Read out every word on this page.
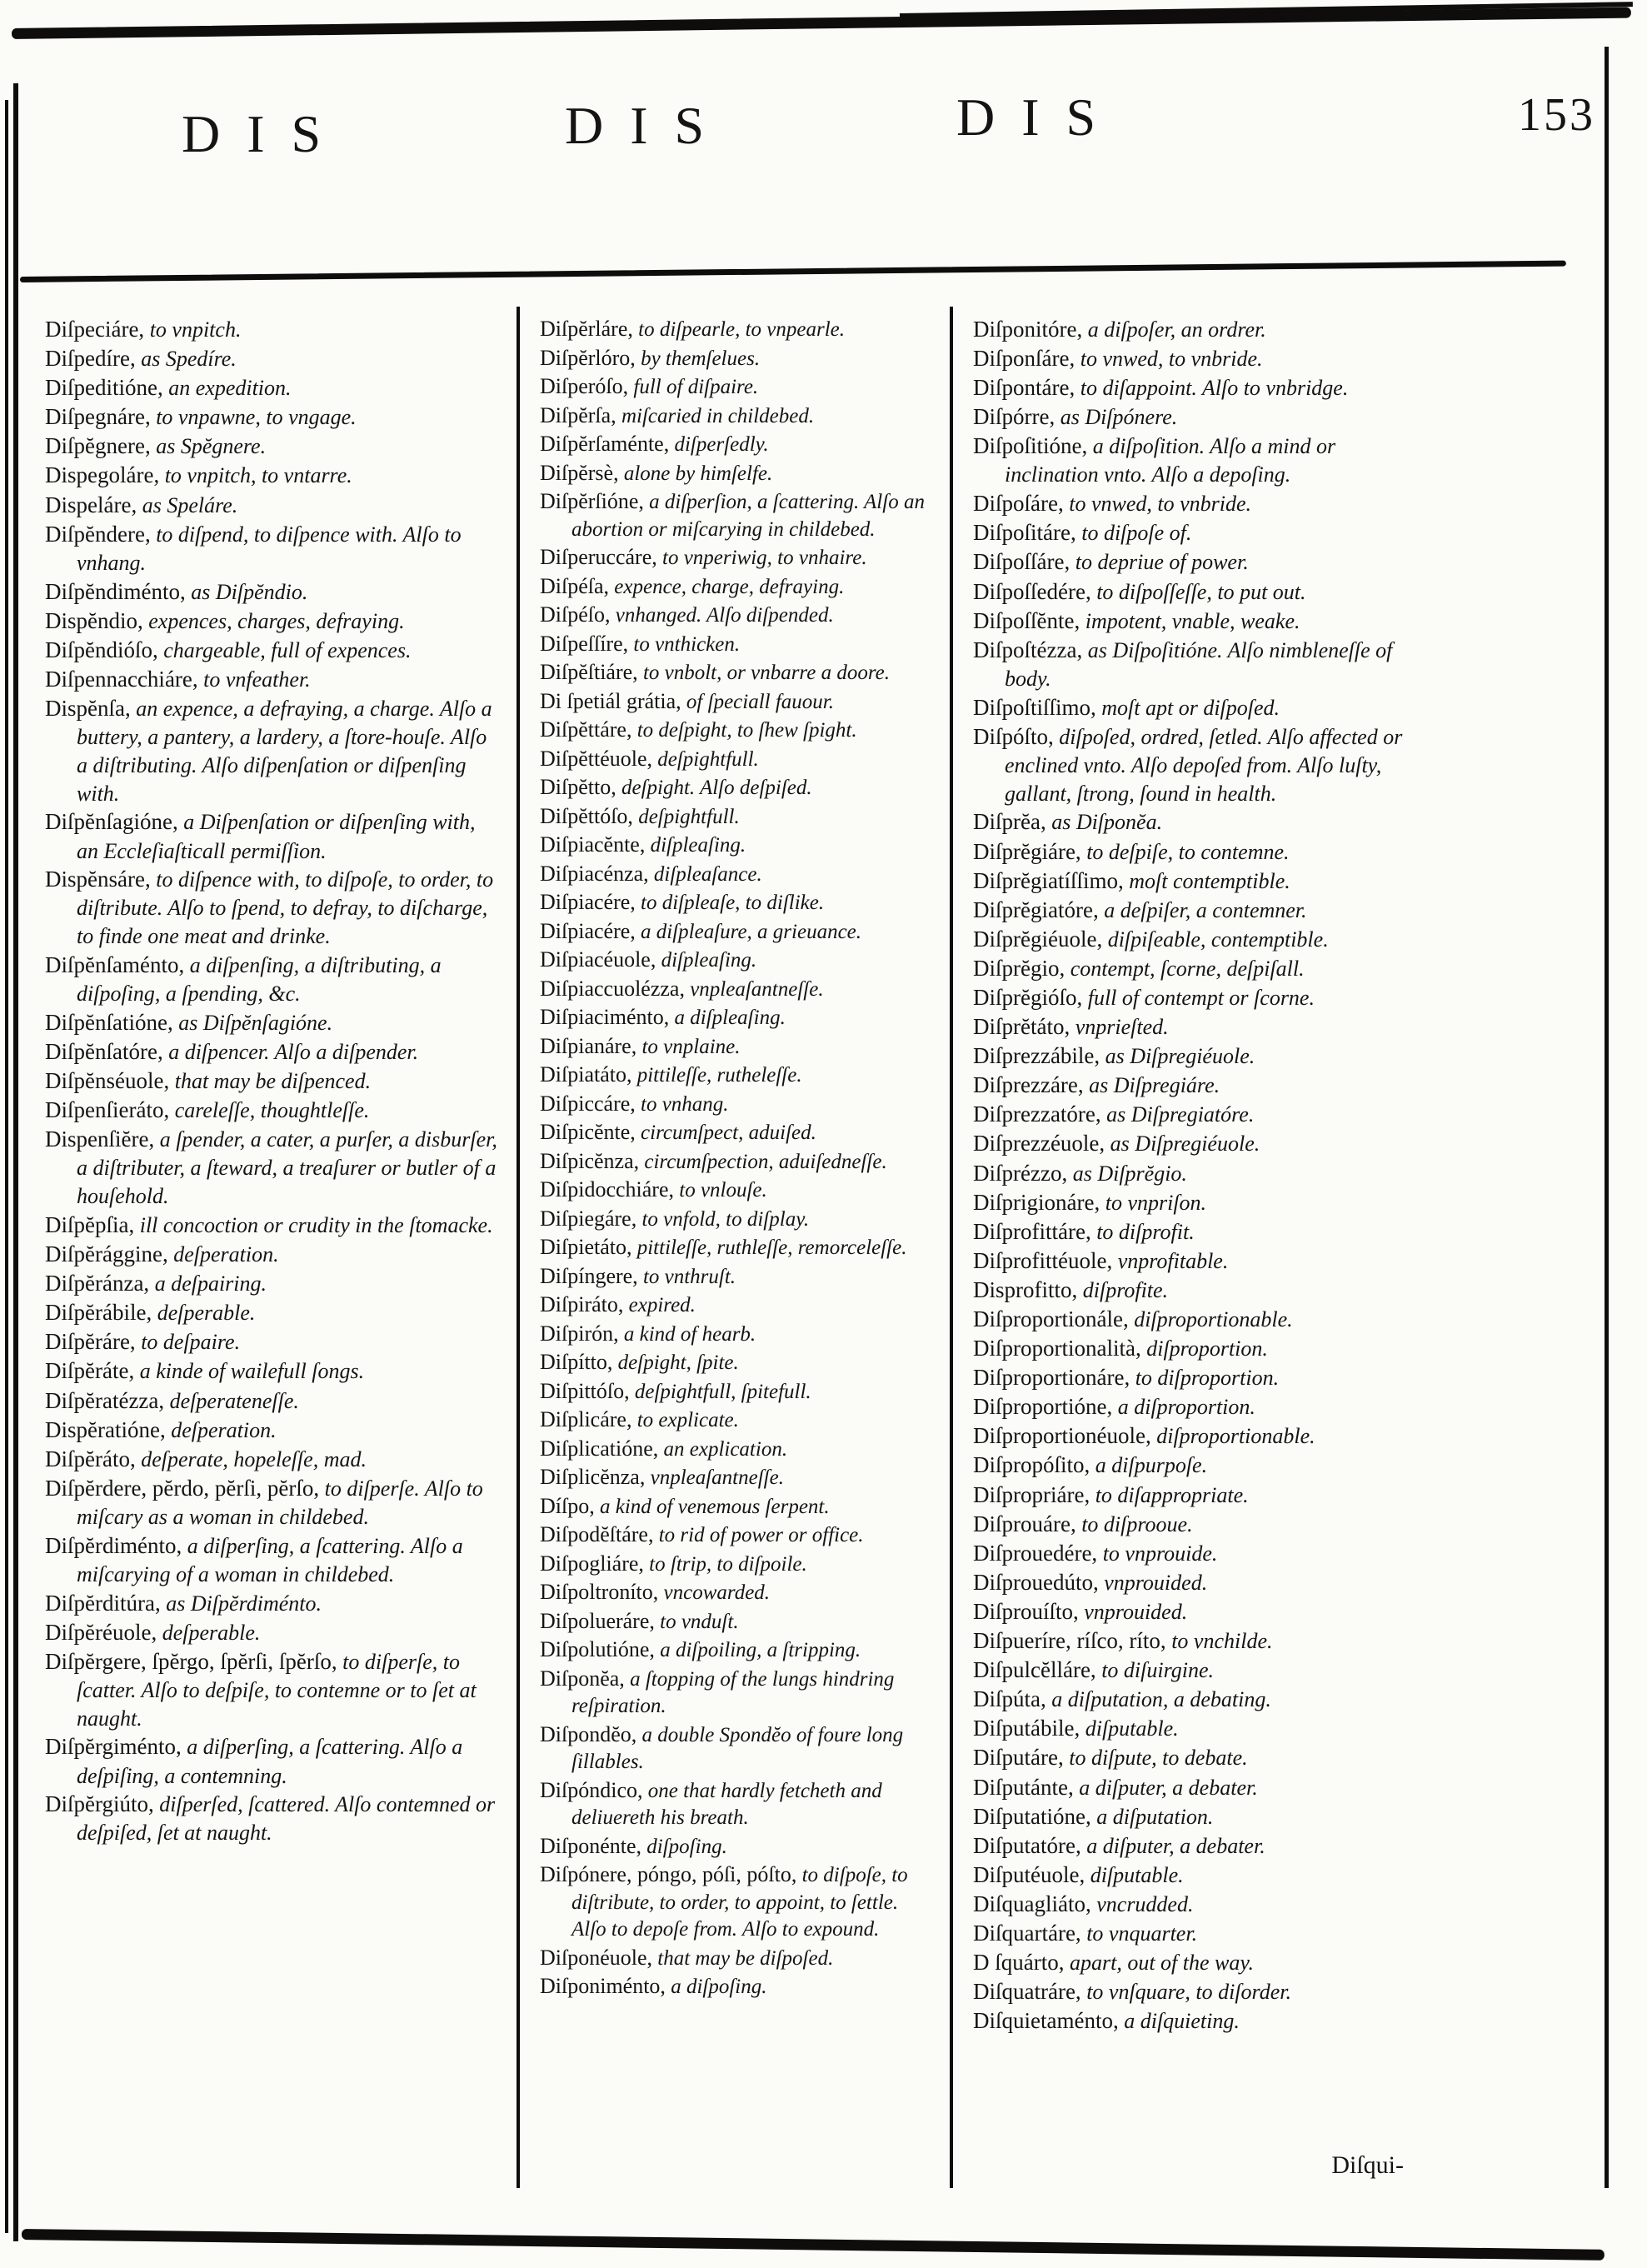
DIS	DIS	DIS	153
Diſpeciáre, to vnpitch.
Diſpedíre, as Spedíre.
Diſpeditióne, an expedition.
Diſpegnáre, to vnpawne, to vngage.
Diſpĕgnere, as Spĕgnere.
Dispegoláre, to vnpitch, to vntarre.
Dispeláre, as Speláre.
Diſpĕndere, to diſpend, to diſpence with. Alſo to vnhang.
Diſpĕndiménto, as Diſpĕndio.
Dispĕndio, expences, charges, defraying.
Diſpĕndióſo, chargeable, full of expences.
Diſpennacchiáre, to vnfeather.
Dispĕnſa, an expence, a defraying, a charge. Alſo a buttery, a pantery, a lardery, a ſtore-houſe. Alſo a diſtributing. Alſo diſpenſation or diſpenſing with.
Diſpĕnſagióne, a Diſpenſation or diſpenſing with, an Eccleſiaſticall permiſſion.
Dispĕnsáre, to diſpence with, to diſpoſe, to order, to diſtribute. Alſo to ſpend, to defray, to diſcharge, to finde one meat and drinke.
Diſpĕnſaménto, a diſpenſing, a diſtributing, a diſpoſing, a ſpending, &c.
Diſpĕnſatióne, as Diſpĕnſagióne.
Diſpĕnſatóre, a diſpencer. Alſo a diſpender.
Diſpĕnséuole, that may be diſpenced.
Diſpenſieráto, careleſſe, thoughtleſſe.
Dispenſiĕre, a ſpender, a cater, a purſer, a disburſer, a diſtributer, a ſteward, a treaſurer or butler of a houſehold.
Diſpĕpſia, ill concoction or crudity in the ſtomacke.
Diſpĕrággine, deſperation.
Diſpĕránza, a deſpairing.
Diſpĕrábile, deſperable.
Diſpĕráre, to deſpaire.
Diſpĕráte, a kinde of wailefull ſongs.
Diſpĕratézza, deſperateneſſe.
Dispĕratióne, deſperation.
Diſpĕráto, deſperate, hopeleſſe, mad.
Diſpĕrdere, pĕrdo, pĕrſi, pĕrſo, to diſperſe. Alſo to miſcary as a woman in childebed.
Diſpĕrdiménto, a diſperſing, a ſcattering. Alſo a miſcarying of a woman in childebed.
Diſpĕrditúra, as Diſpĕrdiménto.
Diſpĕréuole, deſperable.
Diſpĕrgere, ſpĕrgo, ſpĕrſi, ſpĕrſo, to diſperſe, to ſcatter. Alſo to deſpiſe, to contemne or to ſet at naught.
Diſpĕrgiménto, a diſperſing, a ſcattering. Alſo a deſpiſing, a contemning.
Diſpĕrgiúto, diſperſed, ſcattered. Alſo contemned or deſpiſed, ſet at naught.
Diſpĕrláre, to diſpearle, to vnpearle.
Diſpĕrlóro, by themſelues.
Diſperóſo, full of diſpaire.
Diſpĕrſa, miſcaried in childebed.
Diſpĕrſaménte, diſperſedly.
Diſpĕrsè, alone by himſelfe.
Diſpĕrſióne, a diſperſion, a ſcattering. Alſo an abortion or miſcarying in childebed.
Diſperuccáre, to vnperiwig, to vnhaire.
Diſpéſa, expence, charge, defraying.
Diſpéſo, vnhanged. Alſo diſpended.
Diſpeſſíre, to vnthicken.
Diſpĕſtiáre, to vnbolt, or vnbarre a doore.
Di ſpetiál grátia, of ſpeciall fauour.
Diſpĕttáre, to deſpight, to ſhew ſpight.
Diſpĕttéuole, deſpightfull.
Diſpĕtto, deſpight. Alſo deſpiſed.
Diſpĕttóſo, deſpightfull.
Diſpiacĕnte, diſpleaſing.
Diſpiacénza, diſpleaſance.
Diſpiacére, to diſpleaſe, to diſlike.
Diſpiacére, a diſpleaſure, a grieuance.
Diſpiacéuole, diſpleaſing.
Diſpiaccuolézza, vnpleaſantneſſe.
Diſpiaciménto, a diſpleaſing.
Diſpianáre, to vnplaine.
Diſpiatáto, pittileſſe, rutheleſſe.
Diſpiccáre, to vnhang.
Diſpicĕnte, circumſpect, aduiſed.
Diſpicĕnza, circumſpection, aduiſedneſſe.
Diſpidocchiáre, to vnlouſe.
Diſpiegáre, to vnfold, to diſplay.
Diſpietáto, pittileſſe, ruthleſſe, remorceleſſe.
Diſpíngere, to vnthruſt.
Diſpiráto, expired.
Diſpirón, a kind of hearb.
Diſpítto, deſpight, ſpite.
Diſpittóſo, deſpightfull, ſpitefull.
Diſplicáre, to explicate.
Diſplicatióne, an explication.
Diſplicĕnza, vnpleaſantneſſe.
Díſpo, a kind of venemous ſerpent.
Diſpodĕſtáre, to rid of power or office.
Diſpogliáre, to ſtrip, to diſpoile.
Diſpoltroníto, vncowarded.
Diſpolueráre, to vnduſt.
Diſpolutióne, a diſpoiling, a ſtripping.
Diſponĕa, a ſtopping of the lungs hindring reſpiration.
Diſpondĕo, a double Spondĕo of foure long ſillables.
Diſpóndico, one that hardly fetcheth and deliuereth his breath.
Diſponénte, diſpoſing.
Diſpónere, póngo, póſi, póſto, to diſpoſe, to diſtribute, to order, to appoint, to ſettle. Alſo to depoſe from. Alſo to expound.
Diſponéuole, that may be diſpoſed.
Diſponiménto, a diſpoſing.
Diſponitóre, a diſpoſer, an ordrer.
Diſponſáre, to vnwed, to vnbride.
Diſpontáre, to diſappoint. Alſo to vnbridge.
Diſpórre, as Diſpónere.
Diſpoſitióne, a diſpoſition. Alſo a mind or inclination vnto. Alſo a depoſing.
Diſpoſáre, to vnwed, to vnbride.
Diſpoſitáre, to diſpoſe of.
Diſpoſſáre, to depriue of power.
Diſpoſſedére, to diſpoſſeſſe, to put out.
Diſpoſſĕnte, impotent, vnable, weake.
Diſpoſtézza, as Diſpoſitióne. Alſo nimbleneſſe of body.
Diſpoſtiſſimo, moſt apt or diſpoſed.
Diſpóſto, diſpoſed, ordred, ſetled. Alſo affected or enclined vnto. Alſo depoſed from. Alſo luſty, gallant, ſtrong, ſound in health.
Diſprĕa, as Diſponĕa.
Diſprĕgiáre, to deſpiſe, to contemne.
Diſprĕgiatíſſimo, moſt contemptible.
Diſprĕgiatóre, a deſpiſer, a contemner.
Diſprĕgiéuole, diſpiſeable, contemptible.
Diſprĕgio, contempt, ſcorne, deſpiſall.
Diſprĕgióſo, full of contempt or ſcorne.
Diſprĕtáto, vnprieſted.
Diſprezzábile, as Diſpregiéuole.
Diſprezzáre, as Diſpregiáre.
Diſprezzatóre, as Diſpregiatóre.
Diſprezzéuole, as Diſpregiéuole.
Diſprézzo, as Diſprĕgio.
Diſprigionáre, to vnpriſon.
Diſprofittáre, to diſprofit.
Diſprofittéuole, vnprofitable.
Disprofitto, diſprofite.
Diſproportionále, diſproportionable.
Diſproportionalità, diſproportion.
Diſproportionáre, to diſproportion.
Diſproportióne, a diſproportion.
Diſproportionéuole, diſproportionable.
Diſpropóſito, a diſpurpoſe.
Diſpropriáre, to diſappropriate.
Diſprouáre, to diſprooue.
Diſprouedére, to vnprouide.
Diſprouedúto, vnprouided.
Diſprouíſto, vnprouided.
Diſpueríre, ríſco, ríto, to vnchilde.
Diſpulcĕlláre, to diſuirgine.
Diſpúta, a diſputation, a debating.
Diſputábile, diſputable.
Diſputáre, to diſpute, to debate.
Diſputánte, a diſputer, a debater.
Diſputatióne, a diſputation.
Diſputatóre, a diſputer, a debater.
Diſputéuole, diſputable.
Diſquagliáto, vncrudded.
Diſquartáre, to vnquarter.
D ſquárto, apart, out of the way.
Diſquatráre, to vnſquare, to diſorder.
Diſquietaménto, a diſquieting.
Diſqui-
